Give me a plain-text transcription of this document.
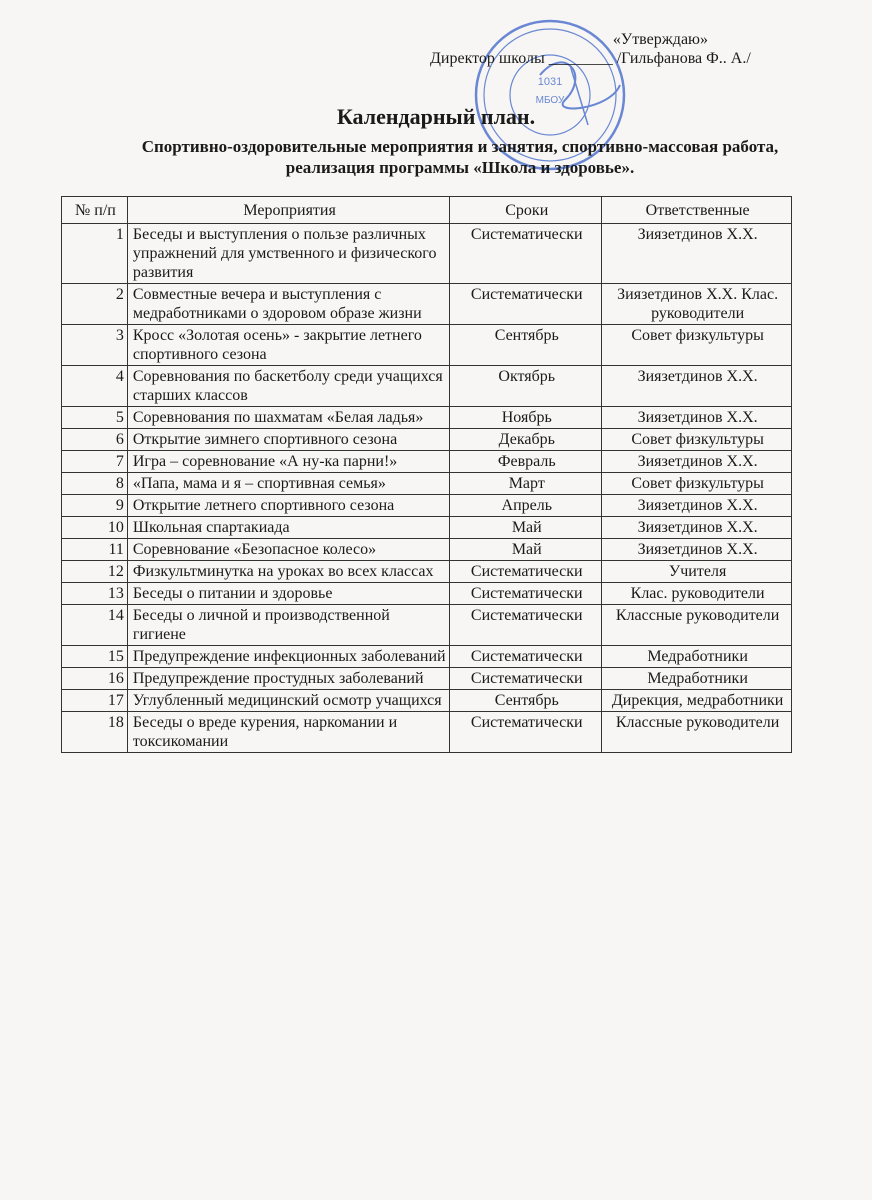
1031
МБОУ
«Утверждаю»
Директор школы ________ /Гильфанова Ф.. А./
Календарный план.
Спортивно-оздоровительные мероприятия и занятия, спортивно-массовая работа, реализация программы «Школа и здоровье».
№ п/п	Мероприятия	Сроки	Ответственные
1	Беседы и выступления о пользе различных упражнений для умственного и физического развития	Систематически	Зиязетдинов Х.Х.
2	Совместные вечера и выступления с медработниками о здоровом образе жизни	Систематически	Зиязетдинов Х.Х. Клас. руководители
3	Кросс «Золотая осень» - закрытие летнего спортивного сезона	Сентябрь	Совет физкультуры
4	Соревнования по баскетболу среди учащихся старших классов	Октябрь	Зиязетдинов Х.Х.
5	Соревнования по шахматам «Белая ладья»	Ноябрь	Зиязетдинов Х.Х.
6	Открытие зимнего спортивного сезона	Декабрь	Совет физкультуры
7	Игра – соревнование «А ну-ка парни!»	Февраль	Зиязетдинов Х.Х.
8	«Папа, мама и я – спортивная семья»	Март	Совет физкультуры
9	Открытие летнего спортивного сезона	Апрель	Зиязетдинов Х.Х.
10	Школьная спартакиада	Май	Зиязетдинов Х.Х.
11	Соревнование «Безопасное колесо»	Май	Зиязетдинов Х.Х.
12	Физкультминутка на уроках во всех классах	Систематически	Учителя
13	Беседы о питании и здоровье	Систематически	Клас. руководители
14	Беседы о личной и производственной гигиене	Систематически	Классные руководители
15	Предупреждение инфекционных заболеваний	Систематически	Медработники
16	Предупреждение простудных заболеваний	Систематически	Медработники
17	Углубленный медицинский осмотр учащихся	Сентябрь	Дирекция, медработники
18	Беседы о вреде курения, наркомании и токсикомании	Систематически	Классные руководители
